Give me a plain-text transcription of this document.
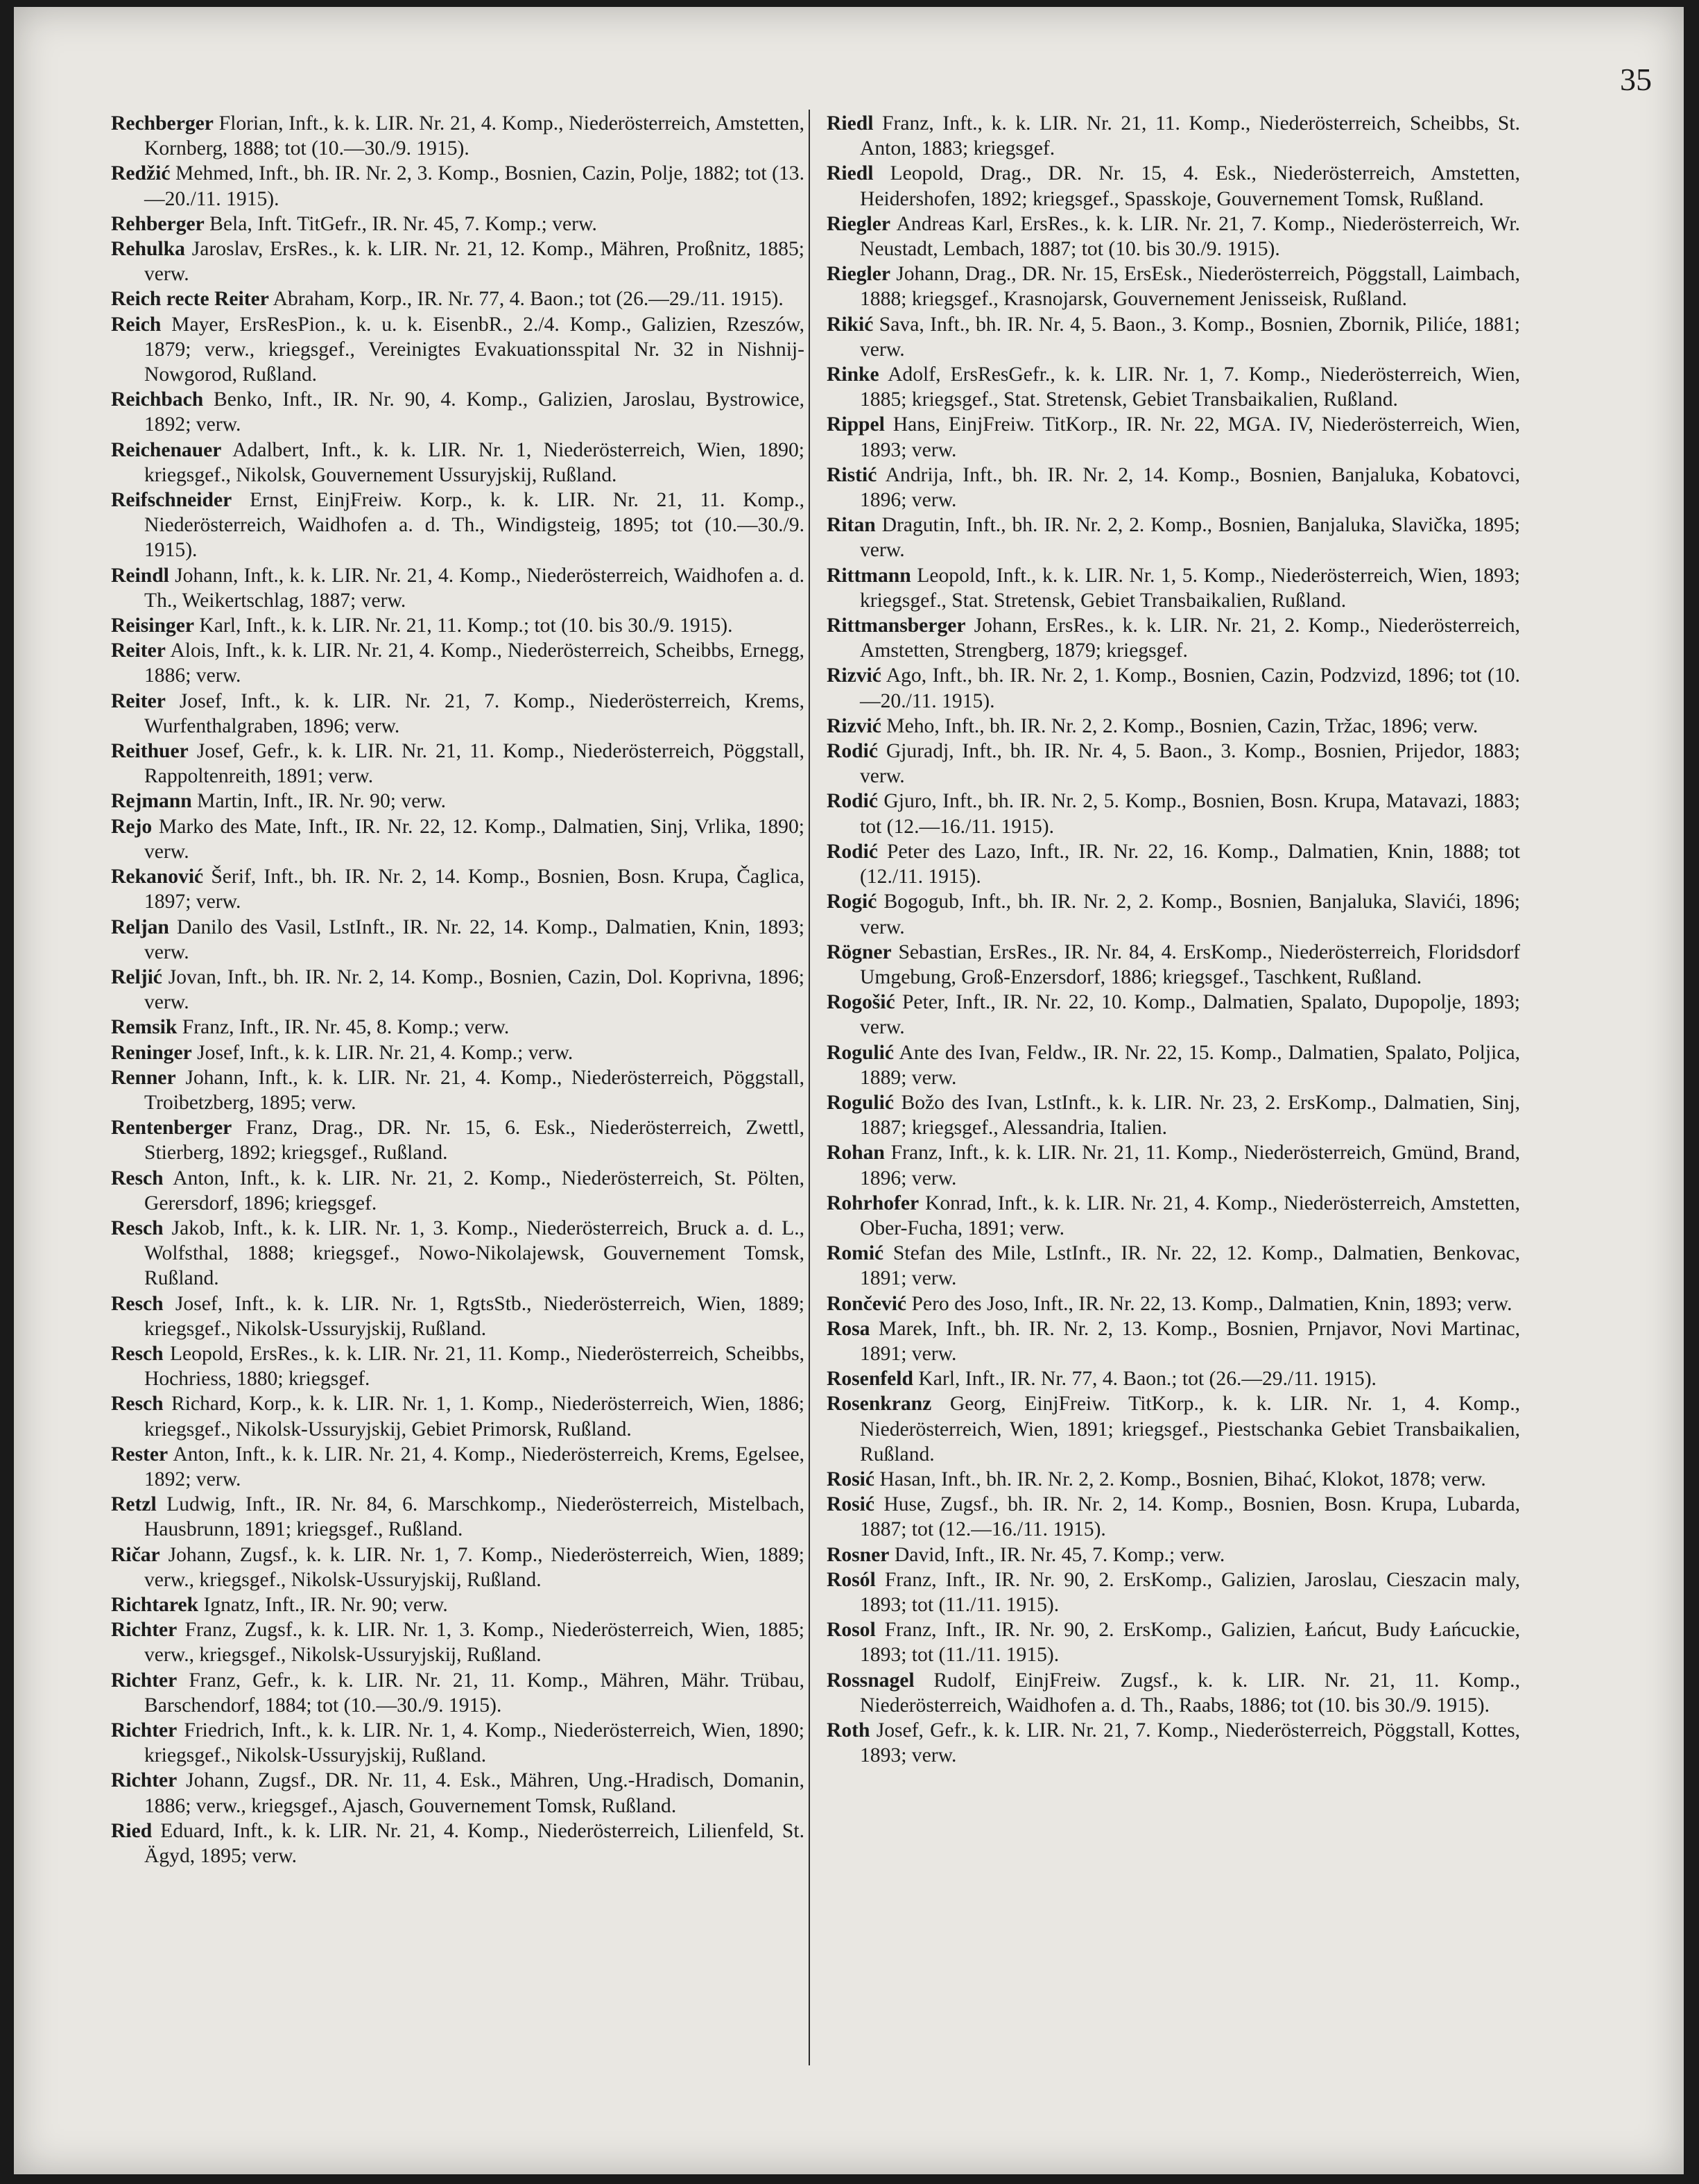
35

Rechberger Florian, Inft., k. k. LIR. Nr. 21, 4. Komp., Niederösterreich, Amstetten, Kornberg, 1888; tot (10.—30./9. 1915).

Redžić Mehmed, Inft., bh. IR. Nr. 2, 3. Komp., Bosnien, Cazin, Polje, 1882; tot (13.—20./11. 1915).

Rehberger Bela, Inft. TitGefr., IR. Nr. 45, 7. Komp.; verw.

Rehulka Jaroslav, ErsRes., k. k. LIR. Nr. 21, 12. Komp., Mähren, Proßnitz, 1885; verw.

Reich recte Reiter Abraham, Korp., IR. Nr. 77, 4. Baon.; tot (26.—29./11. 1915).

Reich Mayer, ErsResPion., k. u. k. EisenbR., 2./4. Komp., Galizien, Rzeszów, 1879; verw., kriegsgef., Vereinigtes Evakuationsspital Nr. 32 in Nishnij-Nowgorod, Rußland.

Reichbach Benko, Inft., IR. Nr. 90, 4. Komp., Galizien, Jaroslau, Bystrowice, 1892; verw.

Reichenauer Adalbert, Inft., k. k. LIR. Nr. 1, Niederösterreich, Wien, 1890; kriegsgef., Nikolsk, Gouvernement Ussuryjskij, Rußland.

Reifschneider Ernst, EinjFreiw. Korp., k. k. LIR. Nr. 21, 11. Komp., Niederösterreich, Waidhofen a. d. Th., Windigsteig, 1895; tot (10.—30./9. 1915).

Reindl Johann, Inft., k. k. LIR. Nr. 21, 4. Komp., Niederösterreich, Waidhofen a. d. Th., Weikertschlag, 1887; verw.

Reisinger Karl, Inft., k. k. LIR. Nr. 21, 11. Komp.; tot (10. bis 30./9. 1915).

Reiter Alois, Inft., k. k. LIR. Nr. 21, 4. Komp., Niederösterreich, Scheibbs, Ernegg, 1886; verw.

Reiter Josef, Inft., k. k. LIR. Nr. 21, 7. Komp., Niederösterreich, Krems, Wurfenthalgraben, 1896; verw.

Reithuer Josef, Gefr., k. k. LIR. Nr. 21, 11. Komp., Niederösterreich, Pöggstall, Rappoltenreith, 1891; verw.

Rejmann Martin, Inft., IR. Nr. 90; verw.

Rejo Marko des Mate, Inft., IR. Nr. 22, 12. Komp., Dalmatien, Sinj, Vrlika, 1890; verw.

Rekanović Šerif, Inft., bh. IR. Nr. 2, 14. Komp., Bosnien, Bosn. Krupa, Čaglica, 1897; verw.

Reljan Danilo des Vasil, LstInft., IR. Nr. 22, 14. Komp., Dalmatien, Knin, 1893; verw.

Reljić Jovan, Inft., bh. IR. Nr. 2, 14. Komp., Bosnien, Cazin, Dol. Koprivna, 1896; verw.

Remsik Franz, Inft., IR. Nr. 45, 8. Komp.; verw.

Reninger Josef, Inft., k. k. LIR. Nr. 21, 4. Komp.; verw.

Renner Johann, Inft., k. k. LIR. Nr. 21, 4. Komp., Niederösterreich, Pöggstall, Troibetzberg, 1895; verw.

Rentenberger Franz, Drag., DR. Nr. 15, 6. Esk., Niederösterreich, Zwettl, Stierberg, 1892; kriegsgef., Rußland.

Resch Anton, Inft., k. k. LIR. Nr. 21, 2. Komp., Niederösterreich, St. Pölten, Gerersdorf, 1896; kriegsgef.

Resch Jakob, Inft., k. k. LIR. Nr. 1, 3. Komp., Niederösterreich, Bruck a. d. L., Wolfsthal, 1888; kriegsgef., Nowo-Nikolajewsk, Gouvernement Tomsk, Rußland.

Resch Josef, Inft., k. k. LIR. Nr. 1, RgtsStb., Niederösterreich, Wien, 1889; kriegsgef., Nikolsk-Ussuryjskij, Rußland.

Resch Leopold, ErsRes., k. k. LIR. Nr. 21, 11. Komp., Niederösterreich, Scheibbs, Hochriess, 1880; kriegsgef.

Resch Richard, Korp., k. k. LIR. Nr. 1, 1. Komp., Niederösterreich, Wien, 1886; kriegsgef., Nikolsk-Ussuryjskij, Gebiet Primorsk, Rußland.

Rester Anton, Inft., k. k. LIR. Nr. 21, 4. Komp., Niederösterreich, Krems, Egelsee, 1892; verw.

Retzl Ludwig, Inft., IR. Nr. 84, 6. Marschkomp., Niederösterreich, Mistelbach, Hausbrunn, 1891; kriegsgef., Rußland.

Ričar Johann, Zugsf., k. k. LIR. Nr. 1, 7. Komp., Niederösterreich, Wien, 1889; verw., kriegsgef., Nikolsk-Ussuryjskij, Rußland.

Richtarek Ignatz, Inft., IR. Nr. 90; verw.

Richter Franz, Zugsf., k. k. LIR. Nr. 1, 3. Komp., Niederösterreich, Wien, 1885; verw., kriegsgef., Nikolsk-Ussuryjskij, Rußland.

Richter Franz, Gefr., k. k. LIR. Nr. 21, 11. Komp., Mähren, Mähr. Trübau, Barschendorf, 1884; tot (10.—30./9. 1915).

Richter Friedrich, Inft., k. k. LIR. Nr. 1, 4. Komp., Niederösterreich, Wien, 1890; kriegsgef., Nikolsk-Ussuryjskij, Rußland.

Richter Johann, Zugsf., DR. Nr. 11, 4. Esk., Mähren, Ung.-Hradisch, Domanin, 1886; verw., kriegsgef., Ajasch, Gouvernement Tomsk, Rußland.

Ried Eduard, Inft., k. k. LIR. Nr. 21, 4. Komp., Niederösterreich, Lilienfeld, St. Ägyd, 1895; verw.

Riedl Franz, Inft., k. k. LIR. Nr. 21, 11. Komp., Niederösterreich, Scheibbs, St. Anton, 1883; kriegsgef.

Riedl Leopold, Drag., DR. Nr. 15, 4. Esk., Niederösterreich, Amstetten, Heidershofen, 1892; kriegsgef., Spasskoje, Gouvernement Tomsk, Rußland.

Riegler Andreas Karl, ErsRes., k. k. LIR. Nr. 21, 7. Komp., Niederösterreich, Wr. Neustadt, Lembach, 1887; tot (10. bis 30./9. 1915).

Riegler Johann, Drag., DR. Nr. 15, ErsEsk., Niederösterreich, Pöggstall, Laimbach, 1888; kriegsgef., Krasnojarsk, Gouvernement Jenisseisk, Rußland.

Rikić Sava, Inft., bh. IR. Nr. 4, 5. Baon., 3. Komp., Bosnien, Zbornik, Piliće, 1881; verw.

Rinke Adolf, ErsResGefr., k. k. LIR. Nr. 1, 7. Komp., Niederösterreich, Wien, 1885; kriegsgef., Stat. Stretensk, Gebiet Transbaikalien, Rußland.

Rippel Hans, EinjFreiw. TitKorp., IR. Nr. 22, MGA. IV, Niederösterreich, Wien, 1893; verw.

Ristić Andrija, Inft., bh. IR. Nr. 2, 14. Komp., Bosnien, Banjaluka, Kobatovci, 1896; verw.

Ritan Dragutin, Inft., bh. IR. Nr. 2, 2. Komp., Bosnien, Banjaluka, Slavička, 1895; verw.

Rittmann Leopold, Inft., k. k. LIR. Nr. 1, 5. Komp., Niederösterreich, Wien, 1893; kriegsgef., Stat. Stretensk, Gebiet Transbaikalien, Rußland.

Rittmansberger Johann, ErsRes., k. k. LIR. Nr. 21, 2. Komp., Niederösterreich, Amstetten, Strengberg, 1879; kriegsgef.

Rizvić Ago, Inft., bh. IR. Nr. 2, 1. Komp., Bosnien, Cazin, Podzvizd, 1896; tot (10.—20./11. 1915).

Rizvić Meho, Inft., bh. IR. Nr. 2, 2. Komp., Bosnien, Cazin, Tržac, 1896; verw.

Rodić Gjuradj, Inft., bh. IR. Nr. 4, 5. Baon., 3. Komp., Bosnien, Prijedor, 1883; verw.

Rodić Gjuro, Inft., bh. IR. Nr. 2, 5. Komp., Bosnien, Bosn. Krupa, Matavazi, 1883; tot (12.—16./11. 1915).

Rodić Peter des Lazo, Inft., IR. Nr. 22, 16. Komp., Dalmatien, Knin, 1888; tot (12./11. 1915).

Rogić Bogogub, Inft., bh. IR. Nr. 2, 2. Komp., Bosnien, Banjaluka, Slavići, 1896; verw.

Rögner Sebastian, ErsRes., IR. Nr. 84, 4. ErsKomp., Niederösterreich, Floridsdorf Umgebung, Groß-Enzersdorf, 1886; kriegsgef., Taschkent, Rußland.

Rogošić Peter, Inft., IR. Nr. 22, 10. Komp., Dalmatien, Spalato, Dupopolje, 1893; verw.

Rogulić Ante des Ivan, Feldw., IR. Nr. 22, 15. Komp., Dalmatien, Spalato, Poljica, 1889; verw.

Rogulić Božo des Ivan, LstInft., k. k. LIR. Nr. 23, 2. ErsKomp., Dalmatien, Sinj, 1887; kriegsgef., Alessandria, Italien.

Rohan Franz, Inft., k. k. LIR. Nr. 21, 11. Komp., Niederösterreich, Gmünd, Brand, 1896; verw.

Rohrhofer Konrad, Inft., k. k. LIR. Nr. 21, 4. Komp., Niederösterreich, Amstetten, Ober-Fucha, 1891; verw.

Romić Stefan des Mile, LstInft., IR. Nr. 22, 12. Komp., Dalmatien, Benkovac, 1891; verw.

Rončević Pero des Joso, Inft., IR. Nr. 22, 13. Komp., Dalmatien, Knin, 1893; verw.

Rosa Marek, Inft., bh. IR. Nr. 2, 13. Komp., Bosnien, Prnjavor, Novi Martinac, 1891; verw.

Rosenfeld Karl, Inft., IR. Nr. 77, 4. Baon.; tot (26.—29./11. 1915).

Rosenkranz Georg, EinjFreiw. TitKorp., k. k. LIR. Nr. 1, 4. Komp., Niederösterreich, Wien, 1891; kriegsgef., Piestschanka Gebiet Transbaikalien, Rußland.

Rosić Hasan, Inft., bh. IR. Nr. 2, 2. Komp., Bosnien, Bihać, Klokot, 1878; verw.

Rosić Huse, Zugsf., bh. IR. Nr. 2, 14. Komp., Bosnien, Bosn. Krupa, Lubarda, 1887; tot (12.—16./11. 1915).

Rosner David, Inft., IR. Nr. 45, 7. Komp.; verw.

Rosól Franz, Inft., IR. Nr. 90, 2. ErsKomp., Galizien, Jaroslau, Cieszacin maly, 1893; tot (11./11. 1915).

Rosol Franz, Inft., IR. Nr. 90, 2. ErsKomp., Galizien, Łańcut, Budy Łańcuckie, 1893; tot (11./11. 1915).

Rossnagel Rudolf, EinjFreiw. Zugsf., k. k. LIR. Nr. 21, 11. Komp., Niederösterreich, Waidhofen a. d. Th., Raabs, 1886; tot (10. bis 30./9. 1915).

Roth Josef, Gefr., k. k. LIR. Nr. 21, 7. Komp., Niederösterreich, Pöggstall, Kottes, 1893; verw.
